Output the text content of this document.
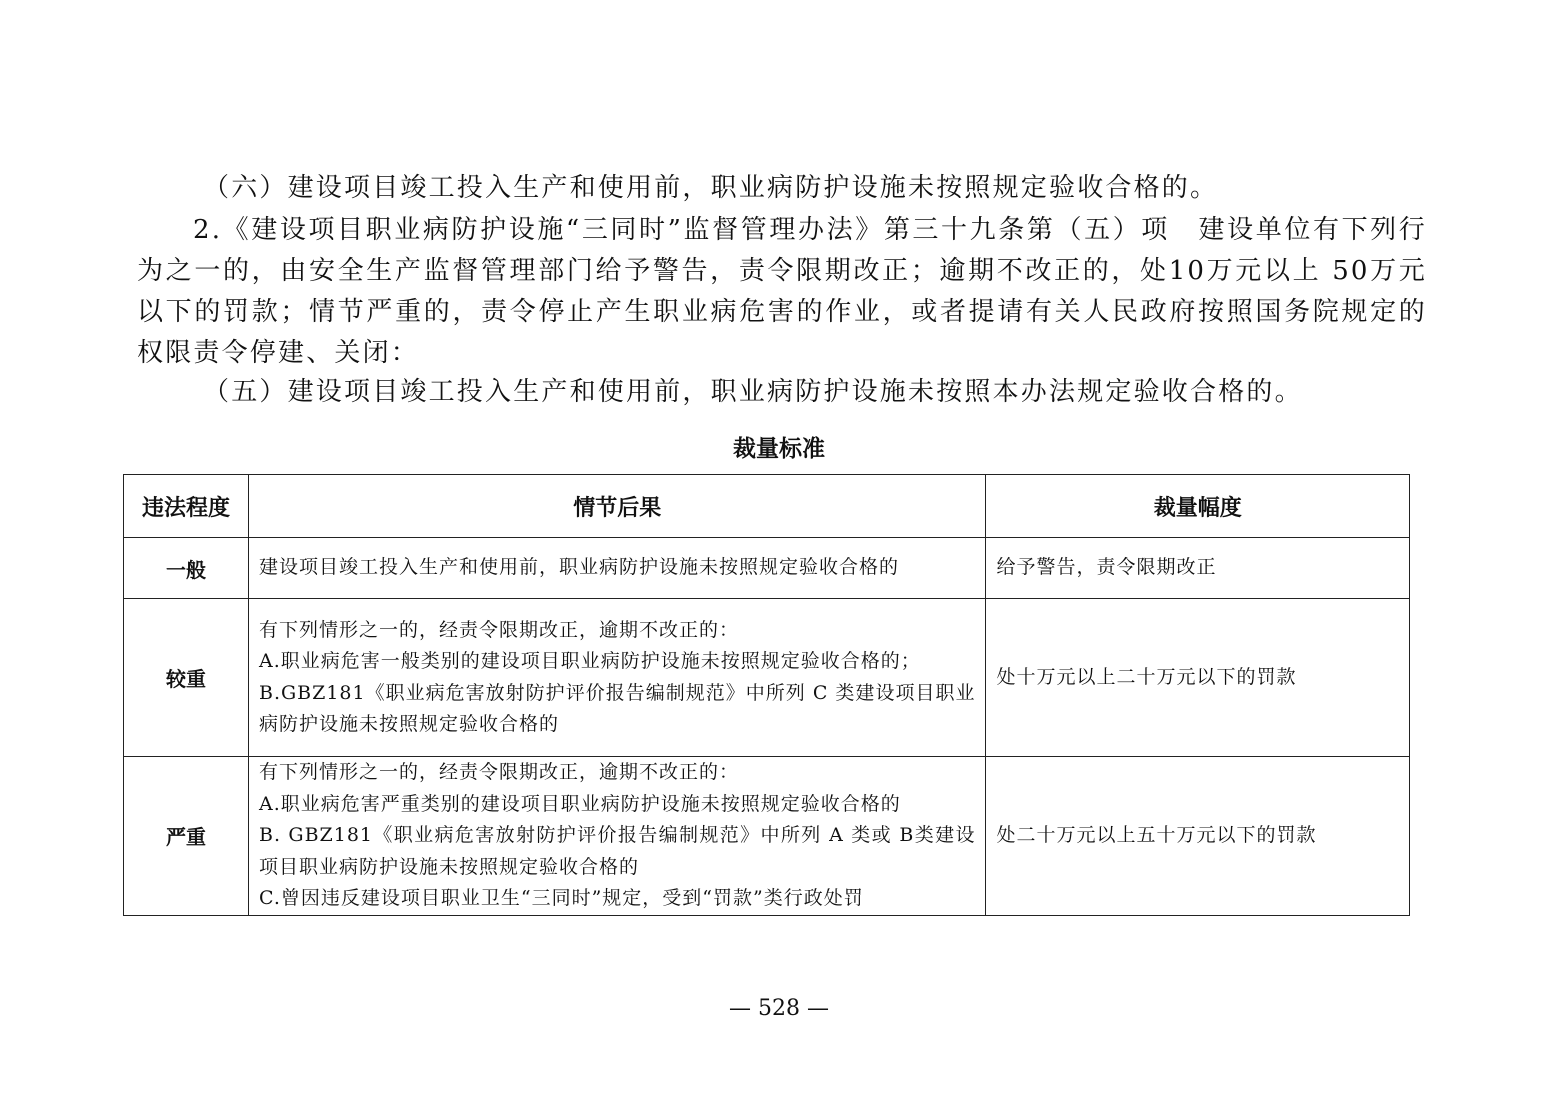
（六）建设项目竣工投入生产和使用前，职业病防护设施未按照规定验收合格的。

2.《建设项目职业病防护设施“三同时”监督管理办法》第三十九条第（五）项　建设单位有下列行为之一的，由安全生产监督管理部门给予警告，责令限期改正；逾期不改正的，处10万元以上 50万元以下的罚款；情节严重的，责令停止产生职业病危害的作业，或者提请有关人民政府按照国务院规定的权限责令停建、关闭：

（五）建设项目竣工投入生产和使用前，职业病防护设施未按照本办法规定验收合格的。

裁量标准
违法程度	情节后果	裁量幅度
一般	建设项目竣工投入生产和使用前，职业病防护设施未按照规定验收合格的	给予警告，责令限期改正
较重	有下列情形之一的，经责令限期改正，逾期不改正的：
A.职业病危害一般类别的建设项目职业病防护设施未按照规定验收合格的；
B.GBZ181《职业病危害放射防护评价报告编制规范》中所列 C 类建设项目职业病防护设施未按照规定验收合格的	处十万元以上二十万元以下的罚款
严重	有下列情形之一的，经责令限期改正，逾期不改正的：
A.职业病危害严重类别的建设项目职业病防护设施未按照规定验收合格的
B. GBZ181《职业病危害放射防护评价报告编制规范》中所列 A 类或 B类建设项目职业病防护设施未按照规定验收合格的
C.曾因违反建设项目职业卫生“三同时”规定，受到“罚款”类行政处罚	处二十万元以上五十万元以下的罚款
— 528 —
